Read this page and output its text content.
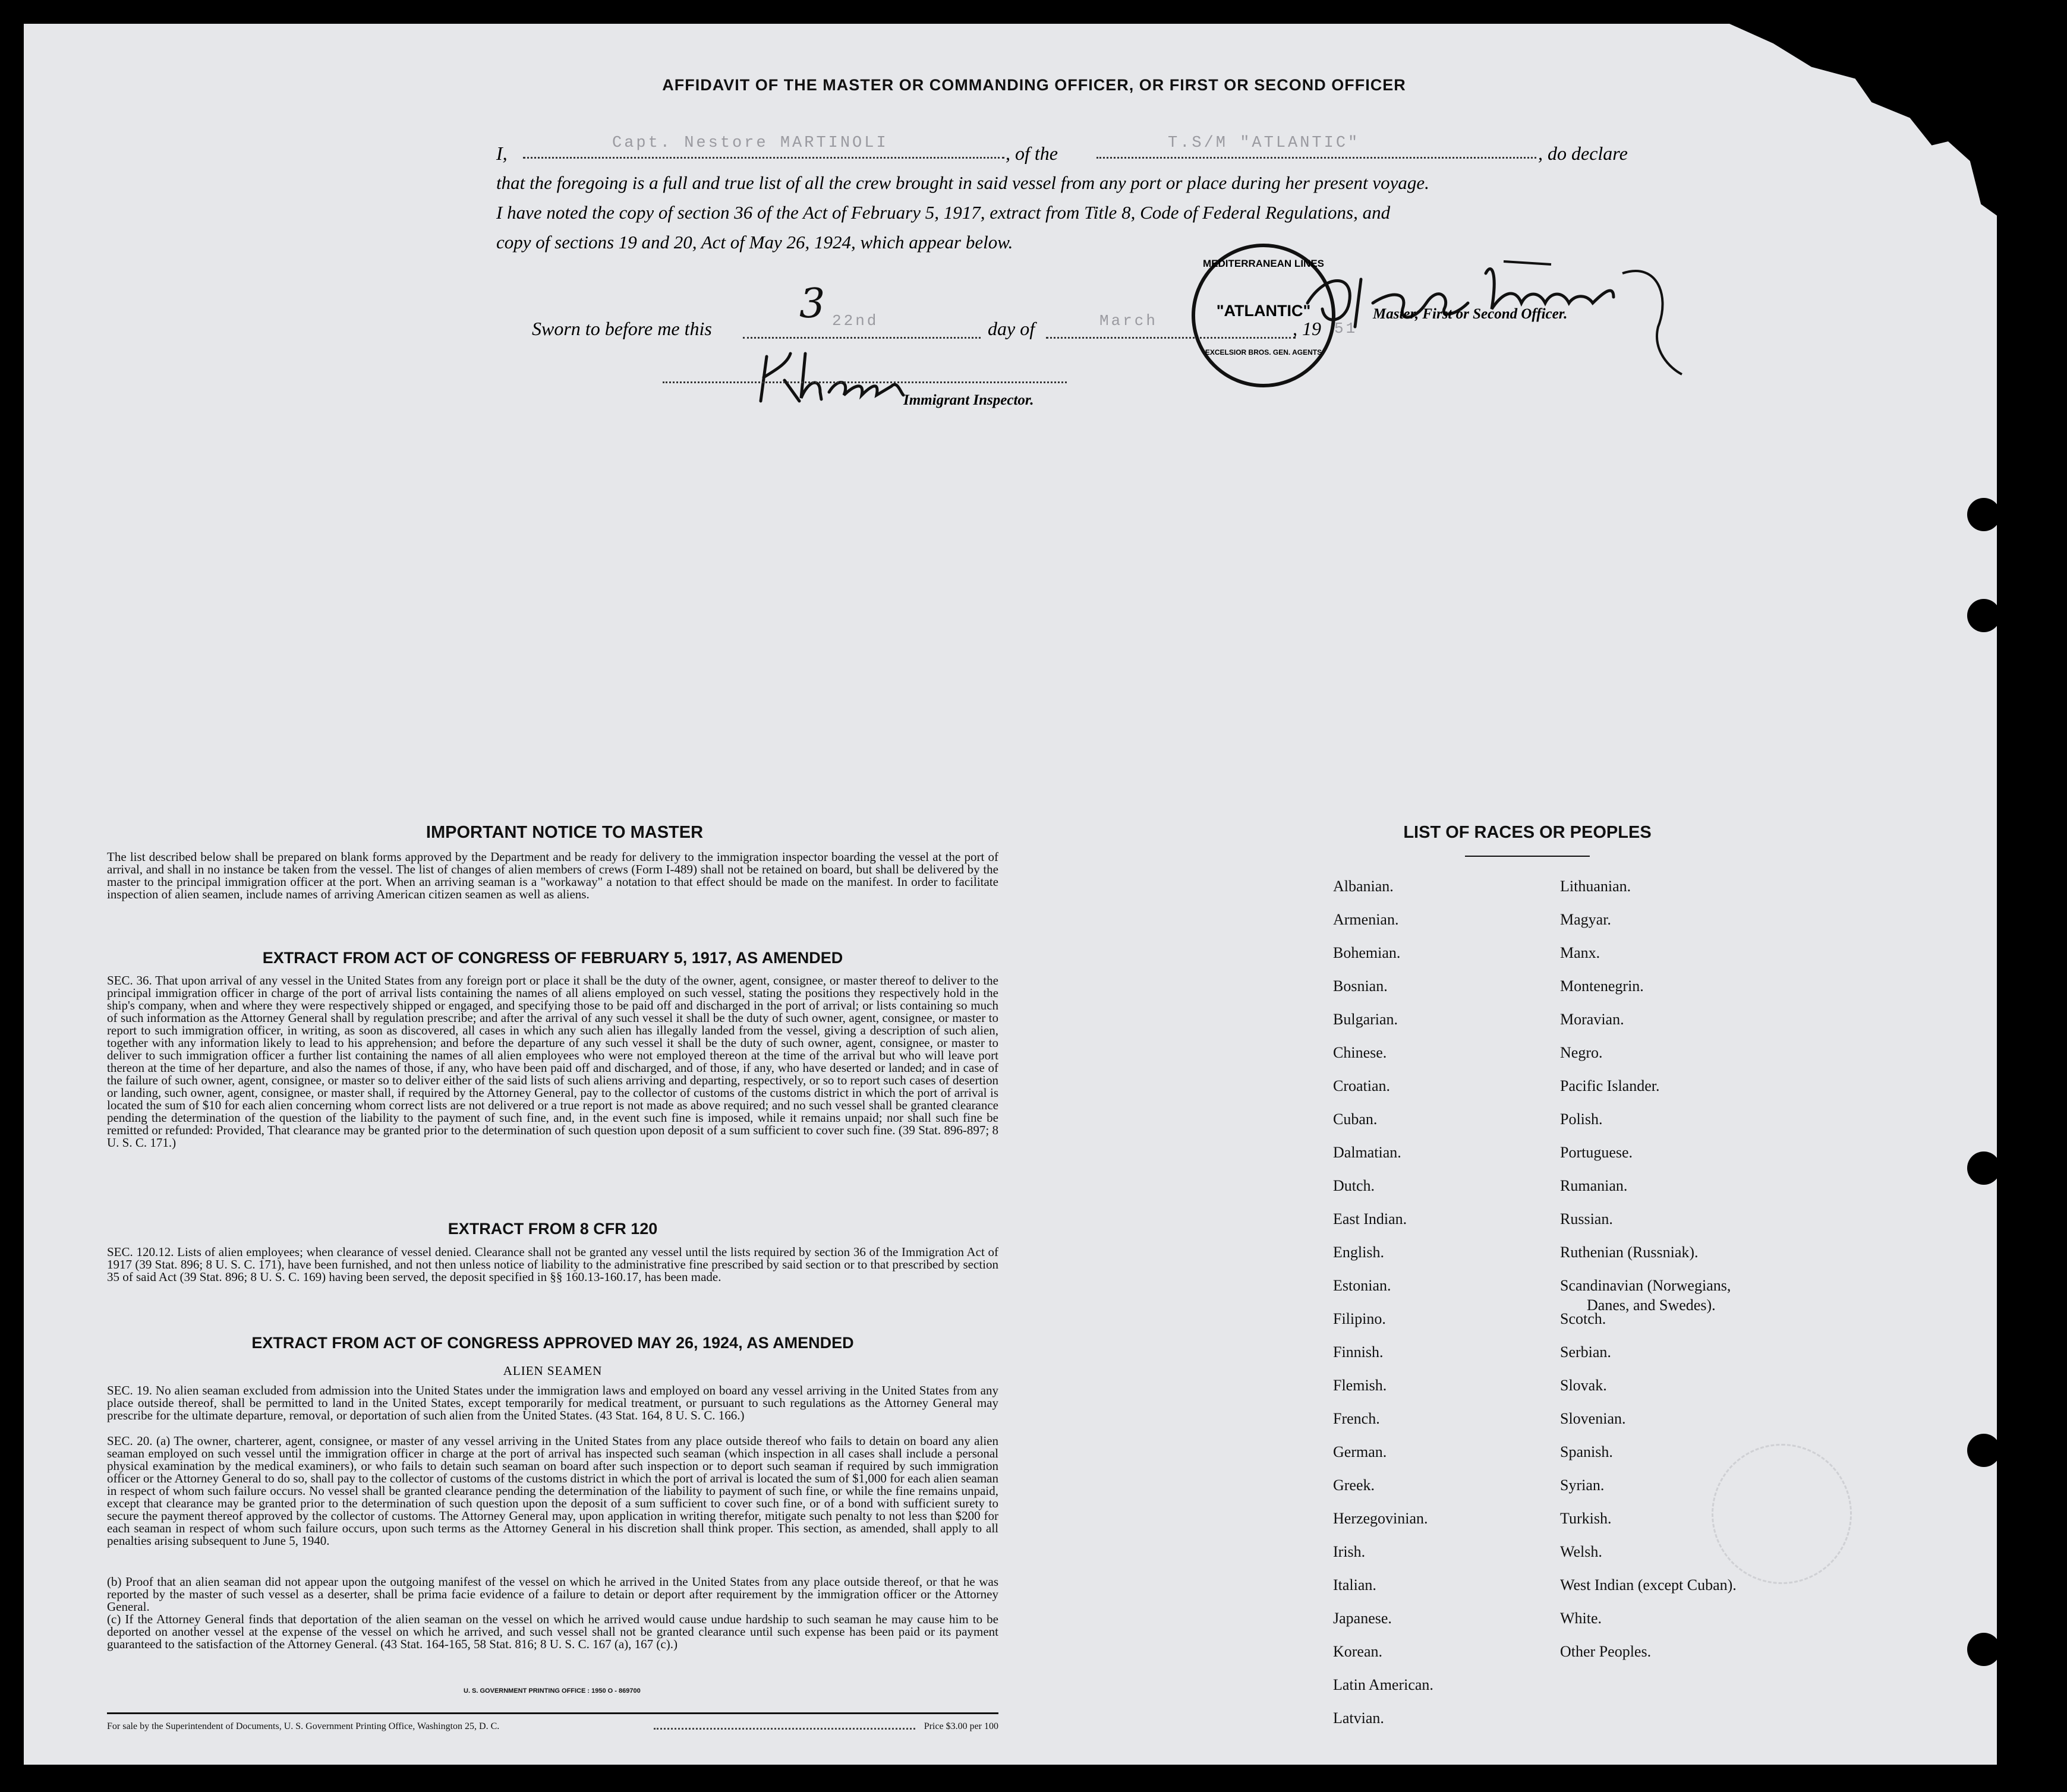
AFFIDAVIT OF THE MASTER OR COMMANDING OFFICER, OR FIRST OR SECOND OFFICER
I,	Capt. Nestore MARTINOLI	, of the	T.S/M "ATLANTIC"	, do declare
that the foregoing is a full and true list of all the crew brought in said vessel from any port or place during her present voyage.
I have noted the copy of section 36 of the Act of February 5, 1917, extract from Title 8, Code of Federal Regulations, and
copy of sections 19 and 20, Act of May 26, 1924, which appear below.
Sworn to before me this	22nd
3
day of	March	, 19 51
Master, First or Second Officer.
MEDITERRANEAN LINES
"ATLANTIC"
EXCELSIOR BROS. GEN. AGENTS
Immigrant Inspector.
IMPORTANT NOTICE TO MASTER

The list described below shall be prepared on blank forms approved by the Department and be ready for delivery to the immigration inspector boarding the vessel at the port of arrival, and shall in no instance be taken from the vessel. The list of changes of alien members of crews (Form I-489) shall not be retained on board, but shall be delivered by the master to the principal immigration officer at the port. When an arriving seaman is a "workaway" a notation to that effect should be made on the manifest. In order to facilitate inspection of alien seamen, include names of arriving American citizen seamen as well as aliens.

EXTRACT FROM ACT OF CONGRESS OF FEBRUARY 5, 1917, AS AMENDED

SEC. 36. That upon arrival of any vessel in the United States from any foreign port or place it shall be the duty of the owner, agent, consignee, or master thereof to deliver to the principal immigration officer in charge of the port of arrival lists containing the names of all aliens employed on such vessel, stating the positions they respectively hold in the ship's company, when and where they were respectively shipped or engaged, and specifying those to be paid off and discharged in the port of arrival; or lists containing so much of such information as the Attorney General shall by regulation prescribe; and after the arrival of any such vessel it shall be the duty of such owner, agent, consignee, or master to report to such immigration officer, in writing, as soon as discovered, all cases in which any such alien has illegally landed from the vessel, giving a description of such alien, together with any information likely to lead to his apprehension; and before the departure of any such vessel it shall be the duty of such owner, agent, consignee, or master to deliver to such immigration officer a further list containing the names of all alien employees who were not employed thereon at the time of the arrival but who will leave port thereon at the time of her departure, and also the names of those, if any, who have been paid off and discharged, and of those, if any, who have deserted or landed; and in case of the failure of such owner, agent, consignee, or master so to deliver either of the said lists of such aliens arriving and departing, respectively, or so to report such cases of desertion or landing, such owner, agent, consignee, or master shall, if required by the Attorney General, pay to the collector of customs of the customs district in which the port of arrival is located the sum of $10 for each alien concerning whom correct lists are not delivered or a true report is not made as above required; and no such vessel shall be granted clearance pending the determination of the question of the liability to the payment of such fine, and, in the event such fine is imposed, while it remains unpaid; nor shall such fine be remitted or refunded: Provided, That clearance may be granted prior to the determination of such question upon deposit of a sum sufficient to cover such fine. (39 Stat. 896-897; 8 U. S. C. 171.)

EXTRACT FROM 8 CFR 120

SEC. 120.12. Lists of alien employees; when clearance of vessel denied. Clearance shall not be granted any vessel until the lists required by section 36 of the Immigration Act of 1917 (39 Stat. 896; 8 U. S. C. 171), have been furnished, and not then unless notice of liability to the administrative fine prescribed by said section or to that prescribed by section 35 of said Act (39 Stat. 896; 8 U. S. C. 169) having been served, the deposit specified in §§ 160.13-160.17, has been made.

EXTRACT FROM ACT OF CONGRESS APPROVED MAY 26, 1924, AS AMENDED
ALIEN SEAMEN

SEC. 19. No alien seaman excluded from admission into the United States under the immigration laws and employed on board any vessel arriving in the United States from any place outside thereof, shall be permitted to land in the United States, except temporarily for medical treatment, or pursuant to such regulations as the Attorney General may prescribe for the ultimate departure, removal, or deportation of such alien from the United States. (43 Stat. 164, 8 U. S. C. 166.)

SEC. 20. (a) The owner, charterer, agent, consignee, or master of any vessel arriving in the United States from any place outside thereof who fails to detain on board any alien seaman employed on such vessel until the immigration officer in charge at the port of arrival has inspected such seaman (which inspection in all cases shall include a personal physical examination by the medical examiners), or who fails to detain such seaman on board after such inspection or to deport such seaman if required by such immigration officer or the Attorney General to do so, shall pay to the collector of customs of the customs district in which the port of arrival is located the sum of $1,000 for each alien seaman in respect of whom such failure occurs. No vessel shall be granted clearance pending the determination of the liability to payment of such fine, or while the fine remains unpaid, except that clearance may be granted prior to the determination of such question upon the deposit of a sum sufficient to cover such fine, or of a bond with sufficient surety to secure the payment thereof approved by the collector of customs. The Attorney General may, upon application in writing therefor, mitigate such penalty to not less than $200 for each seaman in respect of whom such failure occurs, upon such terms as the Attorney General in his discretion shall think proper. This section, as amended, shall apply to all penalties arising subsequent to June 5, 1940.

(b) Proof that an alien seaman did not appear upon the outgoing manifest of the vessel on which he arrived in the United States from any place outside thereof, or that he was reported by the master of such vessel as a deserter, shall be prima facie evidence of a failure to detain or deport after requirement by the immigration officer or the Attorney General.

(c) If the Attorney General finds that deportation of the alien seaman on the vessel on which he arrived would cause undue hardship to such seaman he may cause him to be deported on another vessel at the expense of the vessel on which he arrived, and such vessel shall not be granted clearance until such expense has been paid or its payment guaranteed to the satisfaction of the Attorney General. (43 Stat. 164-165, 58 Stat. 816; 8 U. S. C. 167 (a), 167 (c).)

U. S. GOVERNMENT PRINTING OFFICE : 1950 O - 869700
For sale by the Superintendent of Documents, U. S. Government Printing Office, Washington 25, D. C.	Price $3.00 per 100
LIST OF RACES OR PEOPLES
Albanian.
Armenian.
Bohemian.
Bosnian.
Bulgarian.
Chinese.
Croatian.
Cuban.
Dalmatian.
Dutch.
East Indian.
English.
Estonian.
Filipino.
Finnish.
Flemish.
French.
German.
Greek.
Herzegovinian.
Irish.
Italian.
Japanese.
Korean.
Latin American.
Latvian.
Lithuanian.
Magyar.
Manx.
Montenegrin.
Moravian.
Negro.
Pacific Islander.
Polish.
Portuguese.
Rumanian.
Russian.
Ruthenian (Russniak).
Scandinavian (Norwegians,
Danes, and Swedes).
Scotch.
Serbian.
Slovak.
Slovenian.
Spanish.
Syrian.
Turkish.
Welsh.
West Indian (except Cuban).
White.
Other Peoples.
